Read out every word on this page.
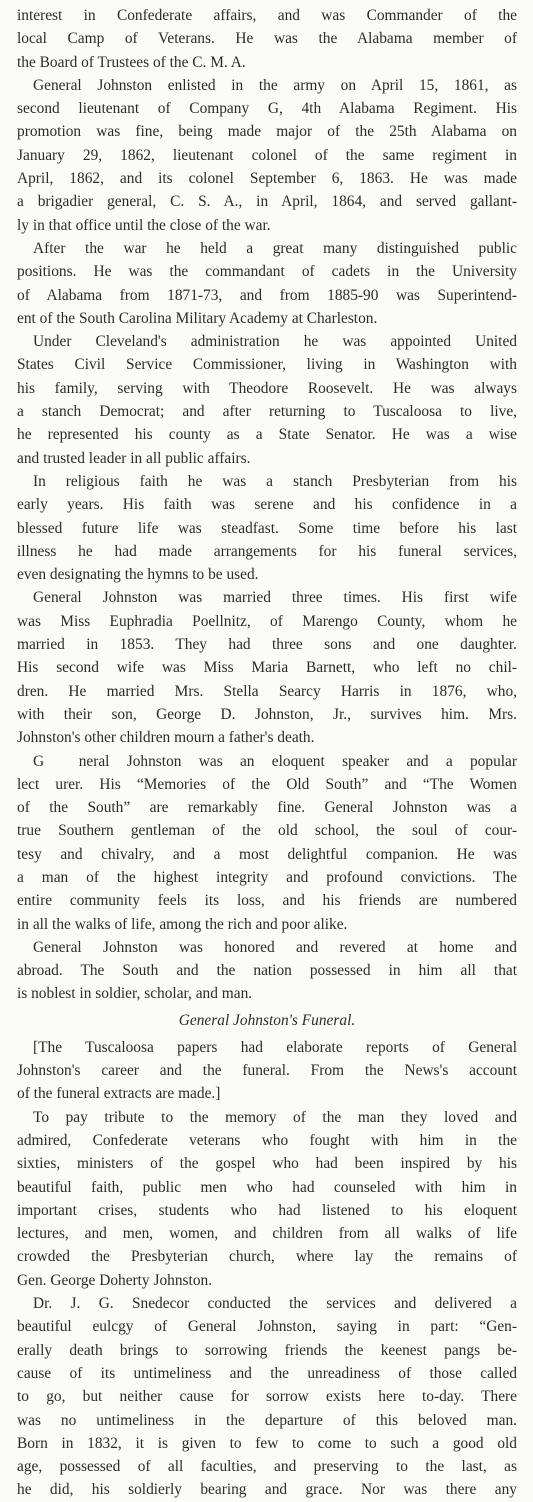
interest in Confederate affairs, and was Commander of the
local Camp of Veterans. He was the Alabama member of
the Board of Trustees of the C. M. A.
General Johnston enlisted in the army on April 15, 1861, as
second lieutenant of Company G, 4th Alabama Regiment. His
promotion was fine, being made major of the 25th Alabama on
January 29, 1862, lieutenant colonel of the same regiment in
April, 1862, and its colonel September 6, 1863. He was made
a brigadier general, C. S. A., in April, 1864, and served gallant-
ly in that office until the close of the war.
After the war he held a great many distinguished public
positions. He was the commandant of cadets in the University
of Alabama from 1871-73, and from 1885-90 was Superintend-
ent of the South Carolina Military Academy at Charleston.
Under Cleveland's administration he was appointed United
States Civil Service Commissioner, living in Washington with
his family, serving with Theodore Roosevelt. He was always
a stanch Democrat; and after returning to Tuscaloosa to live,
he represented his county as a State Senator. He was a wise
and trusted leader in all public affairs.
In religious faith he was a stanch Presbyterian from his
early years. His faith was serene and his confidence in a
blessed future life was steadfast. Some time before his last
illness he had made arrangements for his funeral services,
even designating the hymns to be used.
General Johnston was married three times. His first wife
was Miss Euphradia Poellnitz, of Marengo County, whom he
married in 1853. They had three sons and one daughter.
His second wife was Miss Maria Barnett, who left no chil-
dren. He married Mrs. Stella Searcy Harris in 1876, who,
with their son, George D. Johnston, Jr., survives him. Mrs.
Johnston's other children mourn a father's death.
G  neral Johnston was an eloquent speaker and a popular
lect urer. His “Memories of the Old South” and “The Women
of the South” are remarkably fine. General Johnston was a
true Southern gentleman of the old school, the soul of cour-
tesy and chivalry, and a most delightful companion. He was
a man of the highest integrity and profound convictions. The
entire community feels its loss, and his friends are numbered
in all the walks of life, among the rich and poor alike.
General Johnston was honored and revered at home and
abroad. The South and the nation possessed in him all that
is noblest in soldier, scholar, and man.
General Johnston's Funeral.
[The Tuscaloosa papers had elaborate reports of General
Johnston's career and the funeral. From the News's account
of the funeral extracts are made.]
To pay tribute to the memory of the man they loved and
admired, Confederate veterans who fought with him in the
sixties, ministers of the gospel who had been inspired by his
beautiful faith, public men who had counseled with him in
important crises, students who had listened to his eloquent
lectures, and men, women, and children from all walks of life
crowded the Presbyterian church, where lay the remains of
Gen. George Doherty Johnston.
Dr. J. G. Snedecor conducted the services and delivered a
beautiful eulcgy of General Johnston, saying in part: “Gen-
erally death brings to sorrowing friends the keenest pangs be-
cause of its untimeliness and the unreadiness of those called
to go, but neither cause for sorrow exists here to-day. There
was no untimeliness in the departure of this beloved man.
Born in 1832, it is given to few to come to such a good old
age, possessed of all faculties, and preserving to the last, as
he did, his soldierly bearing and grace. Nor was there any
